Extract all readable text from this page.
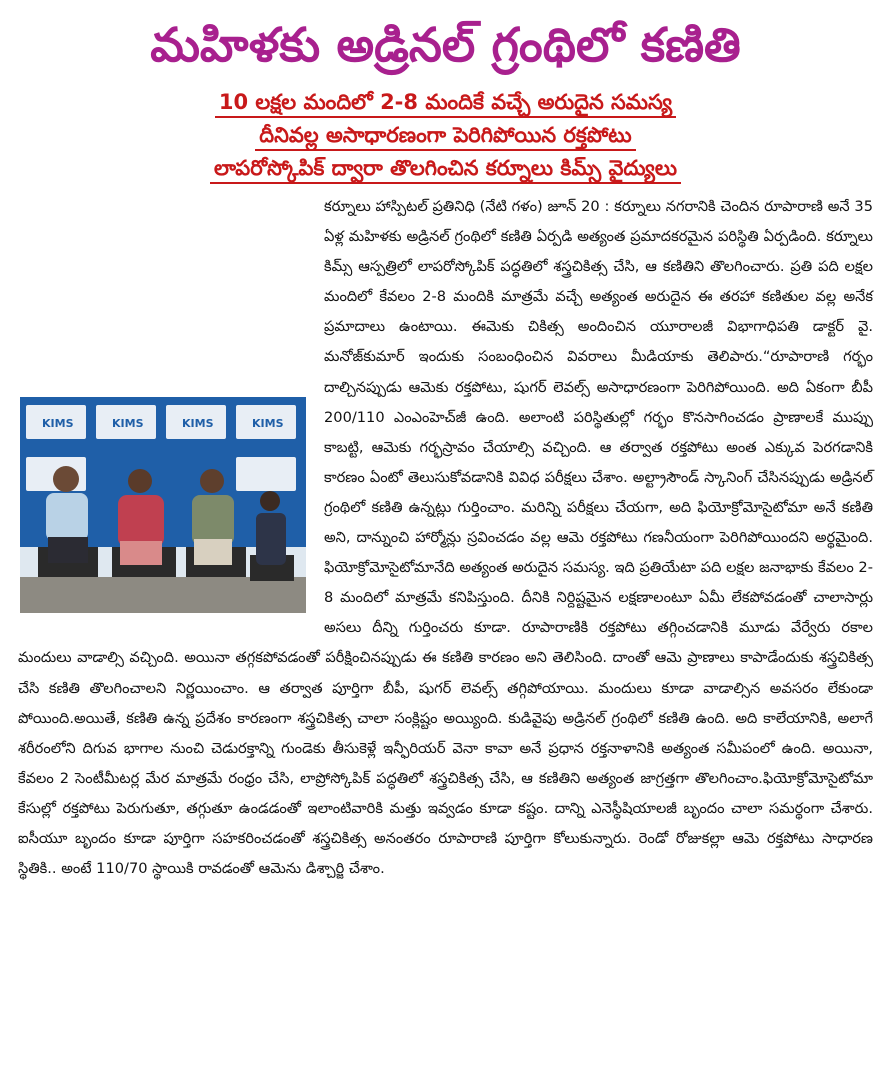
మహిళకు అడ్రినల్ గ్రంథిలో కణితి
10 లక్షల మందిలో 2-8 మందికే వచ్చే అరుదైన సమస్య
దీనివల్ల అసాధారణంగా పెరిగిపోయిన రక్తపోటు
లాపరోస్కోపిక్ ద్వారా తొలగించిన కర్నూలు కిమ్స్ వైద్యులు
KIMS	KIMS	KIMS	KIMS
కర్నూలు హాస్పిటల్ ప్రతినిధి (నేటి గళం) జూన్ 20 : కర్నూలు నగరానికి చెందిన రూపారాణి అనే 35 ఏళ్ల మహిళకు అడ్రినల్ గ్రంథిలో కణితి ఏర్పడి అత్యంత ప్రమాదకరమైన పరిస్థితి ఏర్పడింది. కర్నూలు కిమ్స్ ఆస్పత్రిలో లాపరోస్కోపిక్ పద్ధతిలో శస్త్రచికిత్స చేసి, ఆ కణితిని తొలగించారు. ప్రతి పది లక్షల మందిలో కేవలం 2-8 మందికి మాత్రమే వచ్చే అత్యంత అరుదైన ఈ తరహా కణితుల వల్ల అనేక ప్రమాదాలు ఉంటాయి. ఈమెకు చికిత్స అందించిన యూరాలజీ విభాగాధిపతి డాక్టర్ వై. మనోజ్‌కుమార్ ఇందుకు సంబంధించిన వివరాలు మీడియాకు తెలిపారు.“రూపారాణి గర్భం దాల్చినప్పుడు ఆమెకు రక్తపోటు, షుగర్ లెవల్స్ అసాధారణంగా పెరిగిపోయింది. అది ఏకంగా బీపీ 200/110 ఎంఎంహెచ్‌జీ ఉంది. అలాంటి పరిస్థితుల్లో గర్భం కొనసాగించడం ప్రాణాలకే ముప్పు కాబట్టి, ఆమెకు గర్భస్రావం చేయాల్సి వచ్చింది. ఆ తర్వాత రక్తపోటు అంత ఎక్కువ పెరగడానికి కారణం ఏంటో తెలుసుకోవడానికి వివిధ పరీక్షలు చేశాం. అల్ట్రాసౌండ్ స్కానింగ్ చేసినప్పుడు అడ్రినల్ గ్రంథిలో కణితి ఉన్నట్లు గుర్తించాం. మరిన్ని పరీక్షలు చేయగా, అది ఫియోక్రోమోసైటోమా అనే కణితి అని, దాన్నుంచి హార్మోన్లు స్రవించడం వల్ల ఆమె రక్తపోటు గణనీయంగా పెరిగిపోయిందని అర్థమైంది. ఫియోక్రోమోసైటోమానేది అత్యంత అరుదైన సమస్య. ఇది ప్రతియేటా పది లక్షల జనాభాకు కేవలం 2-8 మందిలో మాత్రమే కనిపిస్తుంది. దీనికి నిర్దిష్టమైన లక్షణాలంటూ ఏమీ లేకపోవడంతో చాలాసార్లు అసలు దీన్ని గుర్తించరు కూడా. రూపారాణికి రక్తపోటు తగ్గించడానికి మూడు వేర్వేరు రకాల మందులు వాడాల్సి వచ్చింది. అయినా తగ్గకపోవడంతో పరీక్షించినప్పుడు ఈ కణితి కారణం అని తెలిసింది. దాంతో ఆమె ప్రాణాలు కాపాడేందుకు శస్త్రచికిత్స చేసి కణితి తొలగించాలని నిర్ణయించాం. ఆ తర్వాత పూర్తిగా బీపీ, షుగర్ లెవల్స్ తగ్గిపోయాయి. మందులు కూడా వాడాల్సిన అవసరం లేకుండా పోయింది.అయితే, కణితి ఉన్న ప్రదేశం కారణంగా శస్త్రచికిత్స చాలా సంక్లిష్టం అయ్యింది. కుడివైపు అడ్రినల్ గ్రంథిలో కణితి ఉంది. అది కాలేయానికి, అలాగే శరీరంలోని దిగువ భాగాల నుంచి చెడురక్తాన్ని గుండెకు తీసుకెళ్లే ఇన్ఫీరియర్ వెనా కావా అనే ప్రధాన రక్తనాళానికి అత్యంత సమీపంలో ఉంది. అయినా, కేవలం 2 సెంటీమీటర్ల మేర మాత్రమే రంధ్రం చేసి, లాప్రోస్కోపిక్ పద్ధతిలో శస్త్రచికిత్స చేసి, ఆ కణితిని అత్యంత జాగ్రత్తగా తొలగించాం.ఫియోక్రోమోసైటోమా కేసుల్లో రక్తపోటు పెరుగుతూ, తగ్గుతూ ఉండడంతో ఇలాంటివారికి మత్తు ఇవ్వడం కూడా కష్టం. దాన్ని ఎనెస్థీషియాలజీ బృందం చాలా సమర్థంగా చేశారు. ఐసీయూ బృందం కూడా పూర్తిగా సహకరించడంతో శస్త్రచికిత్స అనంతరం రూపారాణి పూర్తిగా కోలుకున్నారు. రెండో రోజుకల్లా ఆమె రక్తపోటు సాధారణ స్థితికి.. అంటే 110/70 స్థాయికి రావడంతో ఆమెను డిశ్చార్జి చేశాం.
